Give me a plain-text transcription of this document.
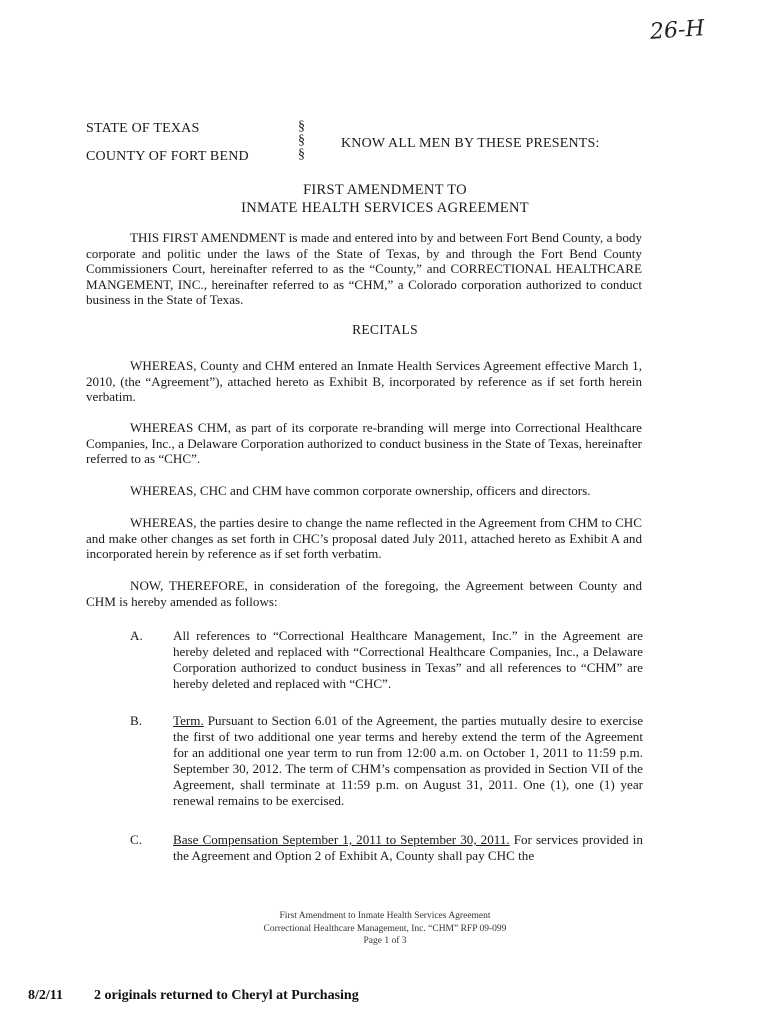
26-H
STATE OF TEXAS
COUNTY OF FORT BEND
§
§
§
KNOW ALL MEN BY THESE PRESENTS:
FIRST AMENDMENT TO
INMATE HEALTH SERVICES AGREEMENT
THIS FIRST AMENDMENT is made and entered into by and between Fort Bend County, a body corporate and politic under the laws of the State of Texas, by and through the Fort Bend County Commissioners Court, hereinafter referred to as the “County,” and CORRECTIONAL HEALTHCARE MANGEMENT, INC., hereinafter referred to as “CHM,” a Colorado corporation authorized to conduct business in the State of Texas.
RECITALS
WHEREAS, County and CHM entered an Inmate Health Services Agreement effective March 1, 2010, (the “Agreement”), attached hereto as Exhibit B, incorporated by reference as if set forth herein verbatim.
WHEREAS CHM, as part of its corporate re-branding will merge into Correctional Healthcare Companies, Inc., a Delaware Corporation authorized to conduct business in the State of Texas, hereinafter referred to as “CHC”.
WHEREAS, CHC and CHM have common corporate ownership, officers and directors.
WHEREAS, the parties desire to change the name reflected in the Agreement from CHM to CHC and make other changes as set forth in CHC’s proposal dated July 2011, attached hereto as Exhibit A and incorporated herein by reference as if set forth verbatim.
NOW, THEREFORE, in consideration of the foregoing, the Agreement between County and CHM is hereby amended as follows:
A. All references to “Correctional Healthcare Management, Inc.” in the Agreement are hereby deleted and replaced with “Correctional Healthcare Companies, Inc., a Delaware Corporation authorized to conduct business in Texas” and all references to “CHM” are hereby deleted and replaced with “CHC”.
B. Term. Pursuant to Section 6.01 of the Agreement, the parties mutually desire to exercise the first of two additional one year terms and hereby extend the term of the Agreement for an additional one year term to run from 12:00 a.m. on October 1, 2011 to 11:59 p.m. September 30, 2012. The term of CHM’s compensation as provided in Section VII of the Agreement, shall terminate at 11:59 p.m. on August 31, 2011. One (1), one (1) year renewal remains to be exercised.
C. Base Compensation September 1, 2011 to September 30, 2011. For services provided in the Agreement and Option 2 of Exhibit A, County shall pay CHC the
First Amendment to Inmate Health Services Agreement
Correctional Healthcare Management, Inc. “CHM” RFP 09-099
Page 1 of 3
8/2/11 2 originals returned to Cheryl at Purchasing
